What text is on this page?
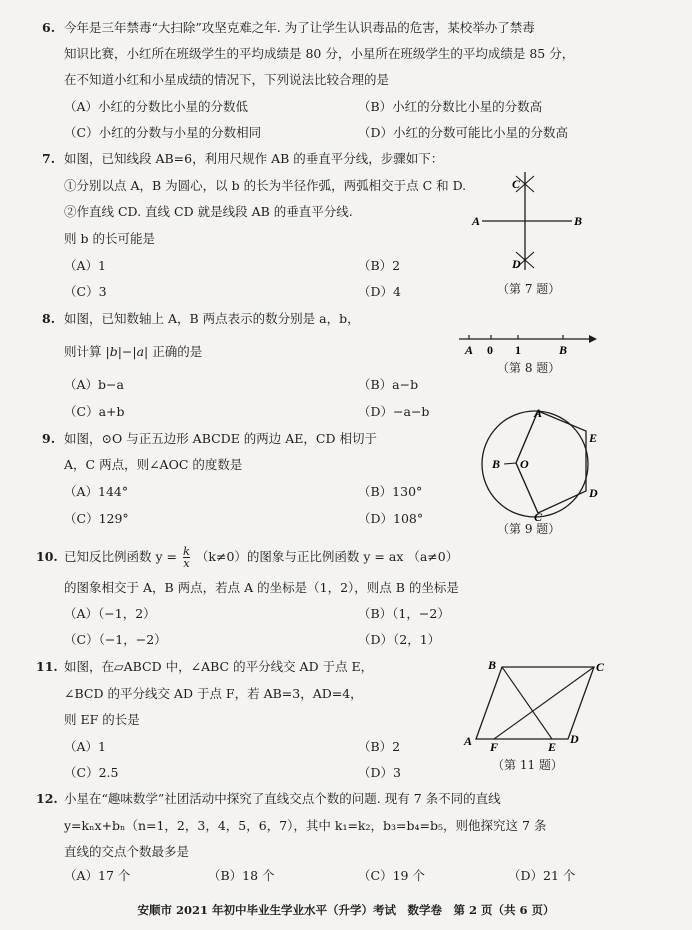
6. 今年是三年禁毒“大扫除”攻坚克难之年. 为了让学生认识毒品的危害，某校举办了禁毒
知识比赛，小红所在班级学生的平均成绩是 80 分，小星所在班级学生的平均成绩是 85 分，
在不知道小红和小星成绩的情况下，下列说法比较合理的是
（A）小红的分数比小星的分数低	（B）小红的分数比小星的分数高
（C）小红的分数与小星的分数相同	（D）小红的分数可能比小星的分数高
7. 如图，已知线段 AB=6，利用尺规作 AB 的垂直平分线，步骤如下：
①分别以点 A，B 为圆心，以 b 的长为半径作弧，两弧相交于点 C 和 D.
②作直线 CD. 直线 CD 就是线段 AB 的垂直平分线.
则 b 的长可能是
（A）1	（B）2
（C）3	（D）4
A	B
C
D
（第 7 题）
8. 如图，已知数轴上 A，B 两点表示的数分别是 a，b，
则计算 |b|−|a| 正确的是
（A）b−a	（B）a−b
（C）a+b	（D）−a−b
A 0 1	B
（第 8 题）
9. 如图，⊙O 与正五边形 ABCDE 的两边 AE，CD 相切于
A，C 两点，则∠AOC 的度数是
（A）144°	（B）130°
（C）129°	（D）108°
A
E
D
C
B O
（第 9 题）
10. 已知反比例函数 $y = \frac{k}{x} (k\ne 0)$的图象与正比例函数 y = ax （a≠0）
的图象相交于 A，B 两点，若点 A 的坐标是（1，2），则点 B 的坐标是
（A）（−1，2）	（B）（1，−2）
（C）（−1，−2）	（D）（2，1）
11. 如图，在▱ABCD 中，∠ABC 的平分线交 AD 于点 E，
∠BCD 的平分线交 AD 于点 F，若 AB=3，AD=4，
则 EF 的长是
（A）1	（B）2
（C）2.5	（D）3
B	C
A F	E
D
（第 11 题）
12. 小星在“趣味数学”社团活动中探究了直线交点个数的问题. 现有 7 条不同的直线
y=kₙx+bₙ（n=1，2，3，4，5，6，7），其中 k₁=k₂，b₃=b₄=b₅，则他探究这 7 条
直线的交点个数最多是
（A）17 个	（B）18 个	（C）19 个	（D）21 个
安顺市 2021 年初中毕业生学业水平（升学）考试　数学卷　第 2 页（共 6 页）
